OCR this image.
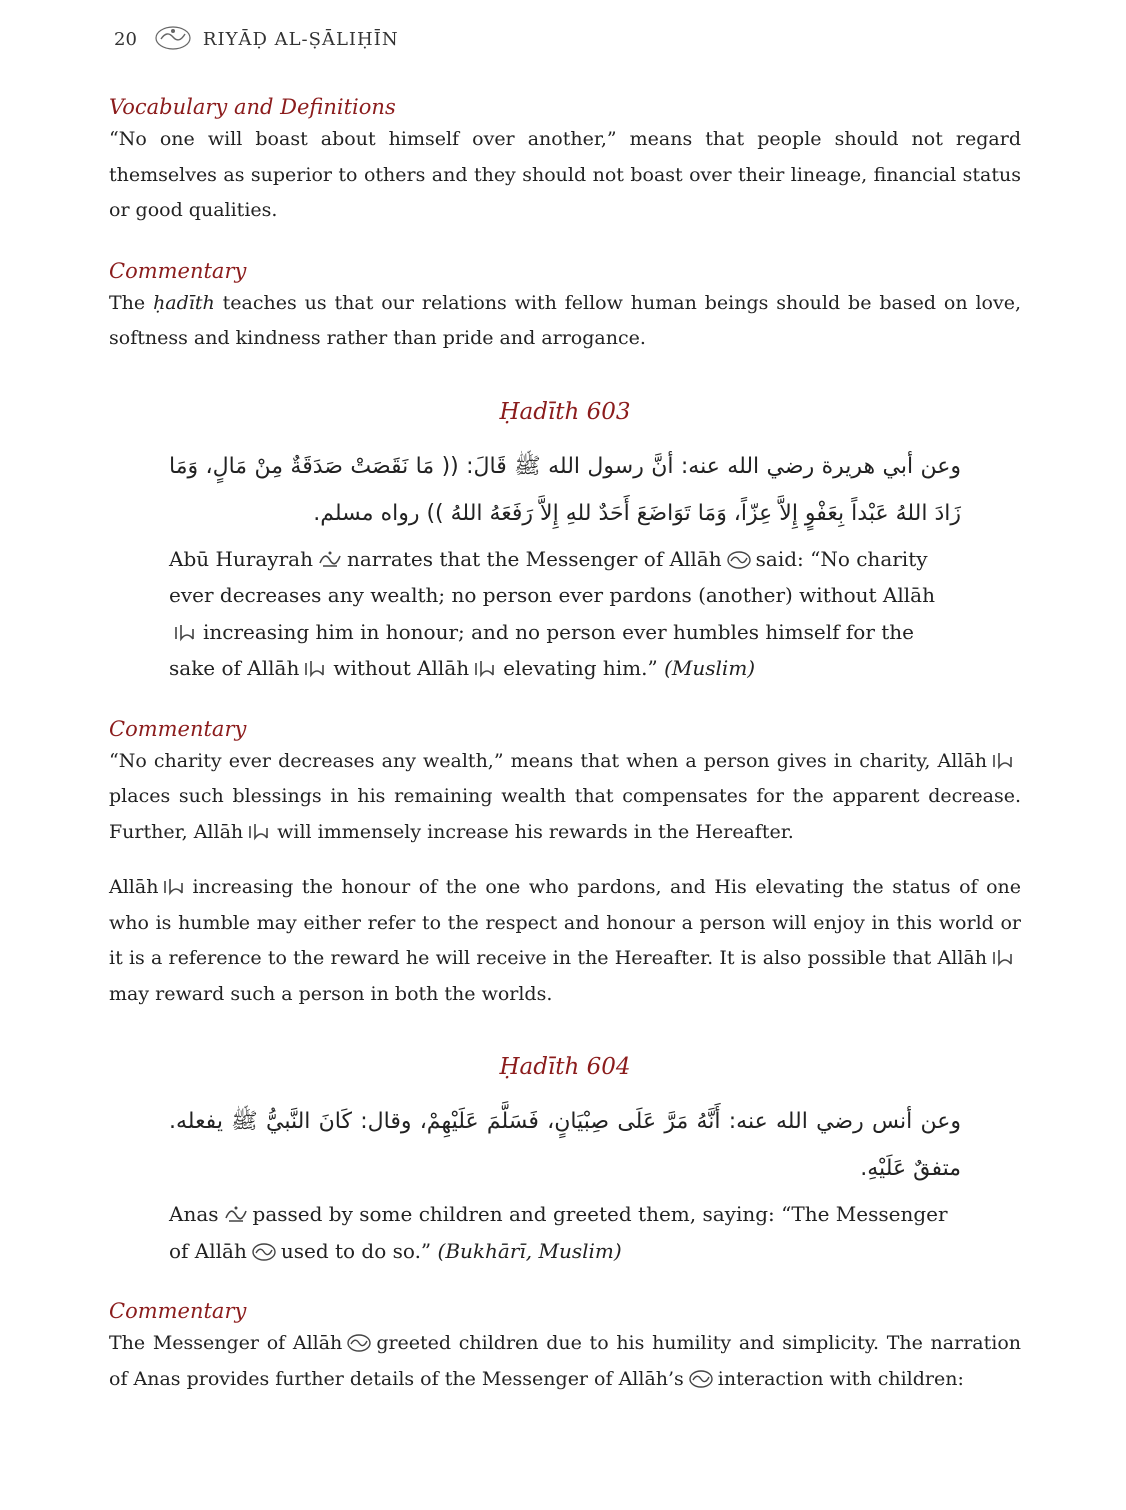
20	RIYĀḌ AL-ṢĀLIḤĪN
Vocabulary and Definitions

“No one will boast about himself over another,” means that people should not regard themselves as superior to others and they should not boast over their lineage, financial status or good qualities.

Commentary

The ḥadīth teaches us that our relations with fellow human beings should be based on love, softness and kindness rather than pride and arrogance.

Ḥadīth 603

وعن أبي هريرة رضي الله عنه: أنَّ رسول الله ﷺ قَالَ: (( مَا نَقَصَتْ صَدَقَةٌ مِنْ مَالٍ، وَمَا زَادَ اللهُ عَبْداً بِعَفْوٍ إِلاَّ عِزّاً، وَمَا تَوَاضَعَ أَحَدٌ للهِ إِلاَّ رَفَعَهُ اللهُ )) رواه مسلم.

Abū Hurayrah narrates that the Messenger of Allāh said: “No charity ever decreases any wealth; no person ever pardons (another) without Allāhincreasing him in honour; and no person ever humbles himself for the sake of Allāh without Allāh elevating him.” (Muslim)

Commentary

“No charity ever decreases any wealth,” means that when a person gives in charity, Allāhplaces such blessings in his remaining wealth that compensates for the apparent decrease. Further, Allāh will immensely increase his rewards in the Hereafter.

Allāh increasing the honour of the one who pardons, and His elevating the status of one who is humble may either refer to the respect and honour a person will enjoy in this world or it is a reference to the reward he will receive in the Hereafter. It is also possible that Allāhmay reward such a person in both the worlds.

Ḥadīth 604

وعن أنس رضي الله عنه: أَنَّهُ مَرَّ عَلَى صِبْيَانٍ، فَسَلَّمَ عَلَيْهِمْ، وقال: كَانَ النَّبيُّ ﷺ يفعله. متفقٌ عَلَيْهِ.

Anas passed by some children and greeted them, saying: “The Messenger of Allāh used to do so.” (Bukhārī, Muslim)

Commentary

The Messenger of Allāh greeted children due to his humility and simplicity. The narration of Anas provides further details of the Messenger of Allāh’s interaction with children:
